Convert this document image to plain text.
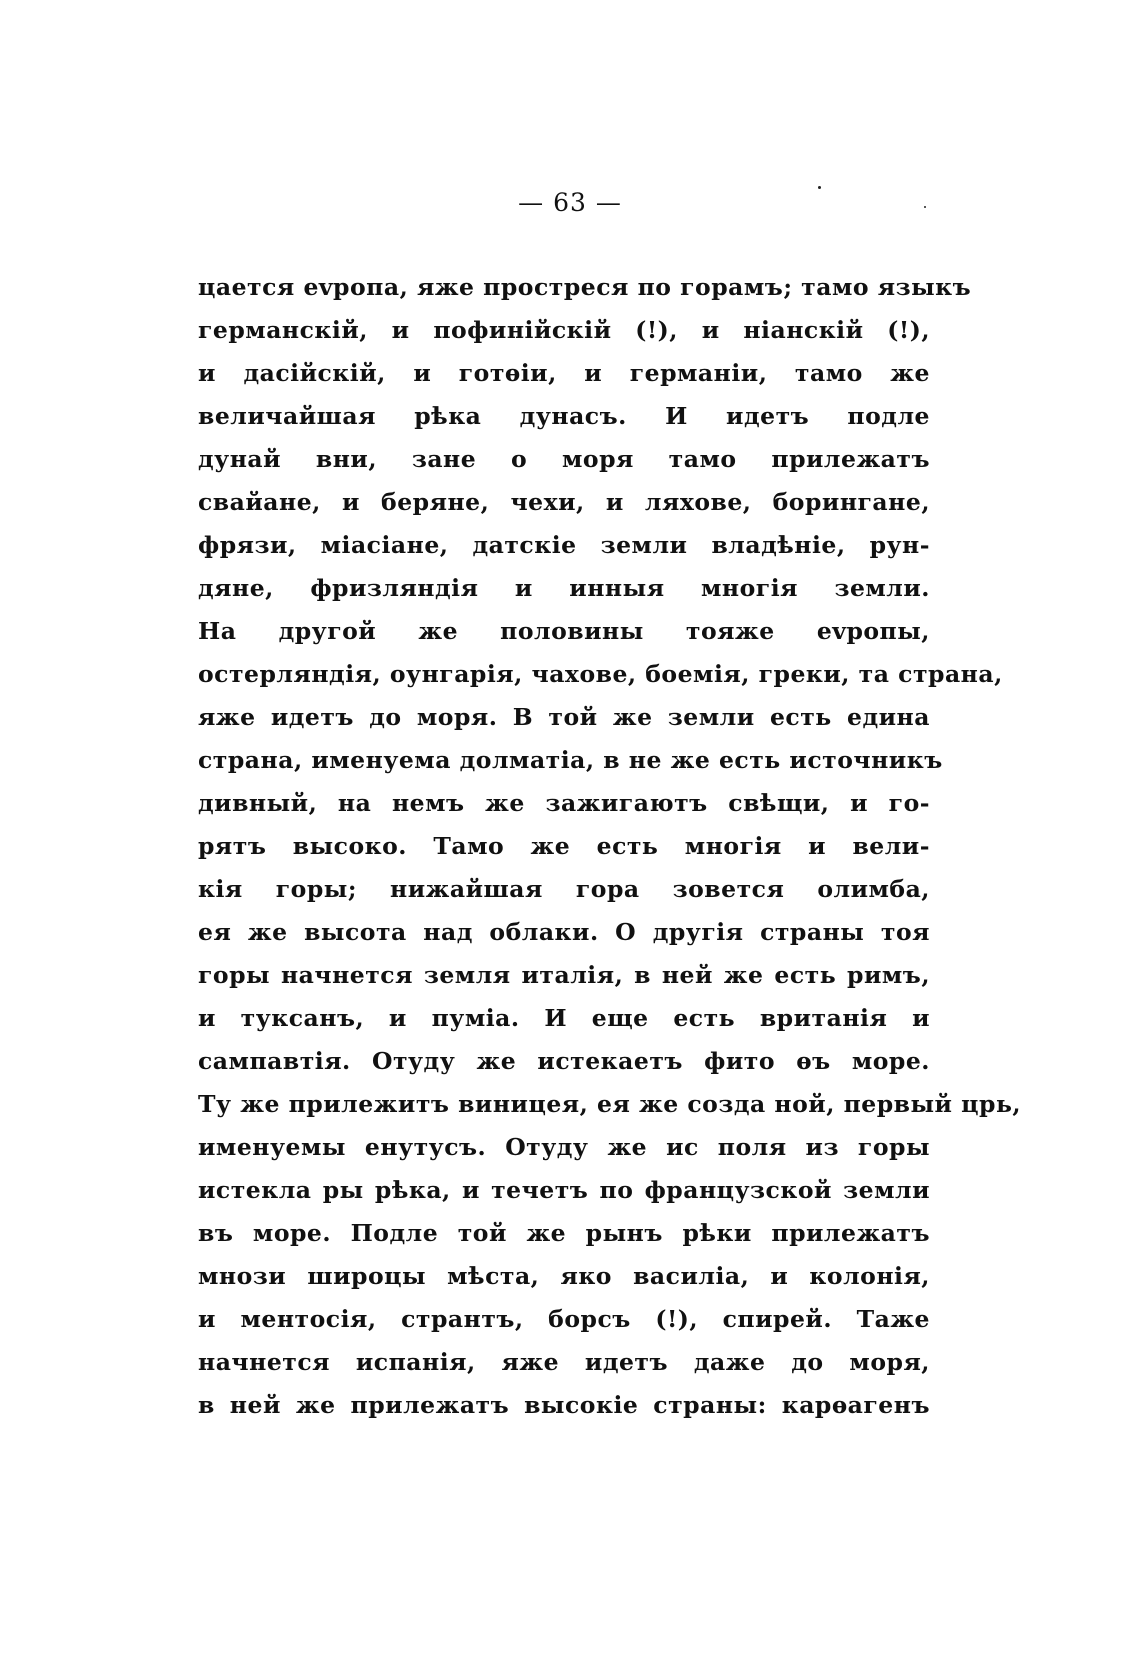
— 63 —
цается еvропа, яже простреся по горамъ; тамо языкъ
германскій, и пофинійскій (!), и ніанскій (!),
и дасійскій, и готѳіи, и германіи, тамо же
величайшая рѣка дунасъ. И идетъ подле
дунай вни, зане о моря тамо прилежатъ
свайане, и беряне, чехи, и ляхове, борингане,
фрязи, міасіане, датскіе земли владѣніе, рун-
дяне, фризляндія и инныя многія земли.
На другой же половины тояже еvропы,
остерляндія, оунгарія, чахове, боемія, греки, та страна,
яже идетъ до моря. В той же земли есть едина
страна, именуема долматіа, в не же есть источникъ
дивный, на немъ же зажигаютъ свѣщи, и го-
рятъ высоко. Тамо же есть многія и вели-
кія горы; нижайшая гора зовется олимба,
ея же высота над облаки. О другія страны тоя
горы начнется земля италія, в ней же есть римъ,
и туксанъ, и пуміа. И еще есть вританія и
сампавтія. Отуду же истекаетъ фито ѳъ море.
Ту же прилежитъ виницея, ея же созда ной, первый црь,
именуемы енутусъ. Отуду же ис поля из горы
истекла ры рѣка, и течетъ по французской земли
въ море. Подле той же рынъ рѣки прилежатъ
мнози широцы мѣста, яко василіа, и колонія,
и ментосія, странтъ, борсъ (!), спирей. Таже
начнется испанія, яже идетъ даже до моря,
в ней же прилежатъ высокіе страны: карѳагенъ
